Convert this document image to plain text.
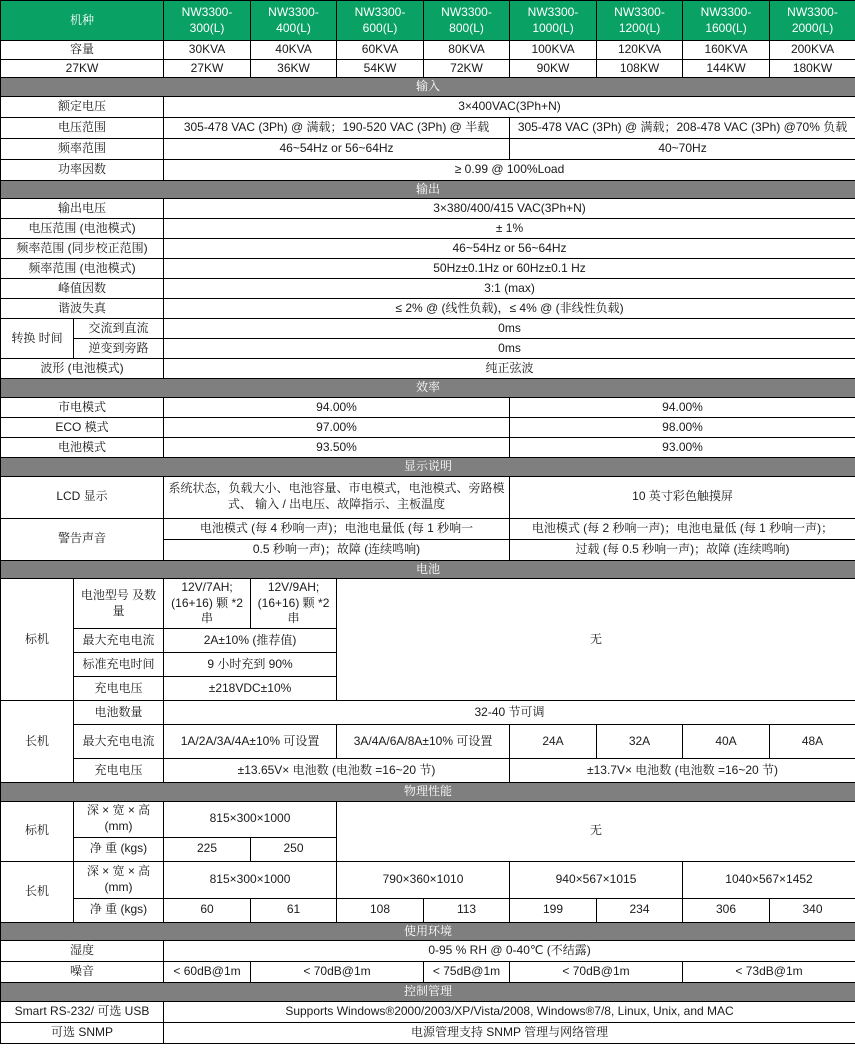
机种		NW3300-300(L)	NW3300-400(L)	NW3300-600(L)	NW3300-800(L)	NW3300-1000(L)	NW3300-1200(L)	NW3300-1600(L)	NW3300-2000(L)
容量		30KVA	40KVA	60KVA	80KVA	100KVA	120KVA	160KVA	200KVA
27KW		27KW	36KW	54KW	72KW	90KW	108KW	144KW	180KW
输入									
额定电压		3×400VAC(3Ph+N)							
电压范围		305-478 VAC (3Ph) @ 满载；190-520 VAC (3Ph) @ 半载				305-478 VAC (3Ph) @ 满载；208-478 VAC (3Ph) @70% 负载			
频率范围		46~54Hz or 56~64Hz				40~70Hz			
功率因数		≥ 0.99 @ 100%Load							
输出									
输出电压		3×380/400/415 VAC(3Ph+N)							
电压范围 (电池模式)		± 1%							
频率范围 (同步校正范围)		46~54Hz or 56~64Hz							
频率范围 (电池模式)		50Hz±0.1Hz or 60Hz±0.1 Hz							
峰值因数		3:1 (max)							
谐波失真		≤ 2% @ (线性负载)，≤ 4% @ (非线性负载)							
转换 时间	交流到直流	0ms							
	逆变到旁路	0ms							
波形 (电池模式)		纯正弦波							
效率									
市电模式		94.00%				94.00%			
ECO 模式		97.00%				98.00%			
电池模式		93.50%				93.00%			
显示说明									
LCD 显示		系统状态，负载大小、电池容量、市电模式，电池模式、旁路模式、 输入 / 出电压、故障指示、主板温度				10 英寸彩色触摸屏			
警告声音		电池模式 (每 4 秒响一声)；电池电量低 (每 1 秒响一				电池模式 (每 2 秒响一声)；电池电量低 (每 1 秒响一声)；			
		0.5 秒响一声)；故障 (连续鸣响)				过载 (每 0.5 秒响一声)；故障 (连续鸣响)			
电池									
标机	电池型号 及数量	12V/7AH;(16+16) 颗 *2 串	12V/9AH;(16+16) 颗 *2 串	无					
	最大充电电流	2A±10% (推荐值)							
	标准充电时间	9 小时充到 90%							
	充电电压	±218VDC±10%							
长机	电池数量	32-40 节可调							
	最大充电电流	1A/2A/3A/4A±10% 可设置		3A/4A/6A/8A±10% 可设置		24A	32A	40A	48A
	充电电压	±13.65V× 电池数 (电池数 =16~20 节)				±13.7V× 电池数 (电池数 =16~20 节)			
物理性能									
标机	深 × 宽 × 高 (mm)	815×300×1000		无					
	净 重 (kgs)	225	250						
长机	深 × 宽 × 高 (mm)	815×300×1000		790×360×1010		940×567×1015		1040×567×1452	
	净 重 (kgs)	60	61	108	113	199	234	306	340
使用环境									
湿度		0-95 % RH @ 0-40℃ (不结露)							
噪音		< 60dB@1m	< 70dB@1m		< 75dB@1m	< 70dB@1m		< 73dB@1m	
控制管理									
Smart RS-232/ 可选 USB		Supports Windows®2000/2003/XP/Vista/2008, Windows®7/8, Linux, Unix, and MAC							
可选 SNMP		电源管理支持 SNMP 管理与网络管理							
